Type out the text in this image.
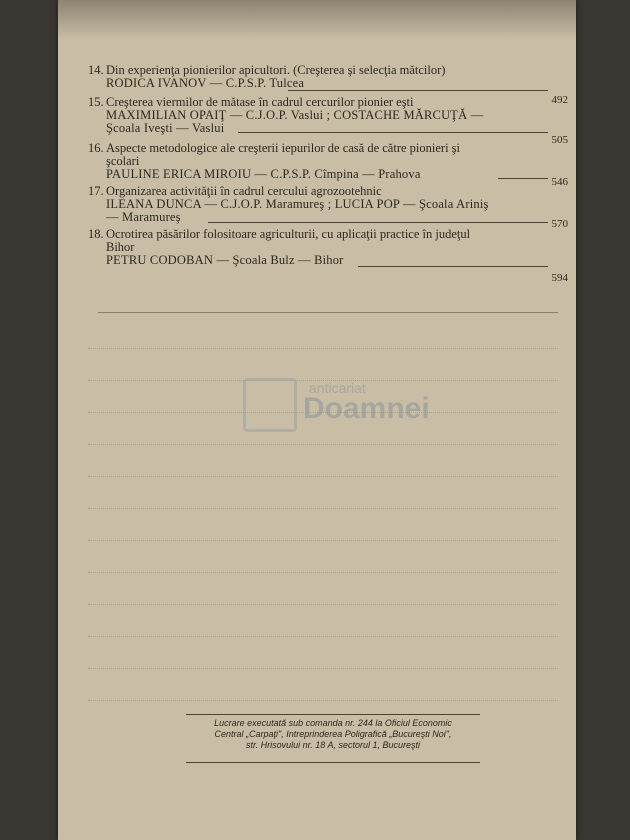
14. Din experienţa pionierilor apicultori. (Creşterea şi selecţia mătcilor)
RODICA IVANOV — C.P.S.P. Tulcea
492
15. Creşterea viermilor de mătase în cadrul cercurilor pionier eşti
MAXIMILIAN OPAIŢ — C.J.O.P. Vaslui ; COSTACHE MĂRCUŢĂ —
Şcoala Iveşti — Vaslui
505
16. Aspecte metodologice ale creşterii iepurilor de casă de către pionieri şi
şcolari
PAULINE ERICA MIROIU — C.P.S.P. Cîmpina — Prahova
546
17. Organizarea activităţii în cadrul cercului agrozootehnic
ILEANA DUNCA — C.J.O.P. Maramureş ; LUCIA POP — Şcoala Ariniş
— Maramureş	570
18. Ocrotirea păsărilor folositoare agriculturii, cu aplicaţii practice în judeţul
Bihor
PETRU CODOBAN — Şcoala Bulz — Bihor
594
anticariat
Doamnei
Lucrare executată sub comanda nr. 244 la Oficiul Economic
Central „Carpaţi", Intreprinderea Poligrafică „Bucureşti Noi",
str. Hrisovului nr. 18 A, sectorul 1, Bucureşti
